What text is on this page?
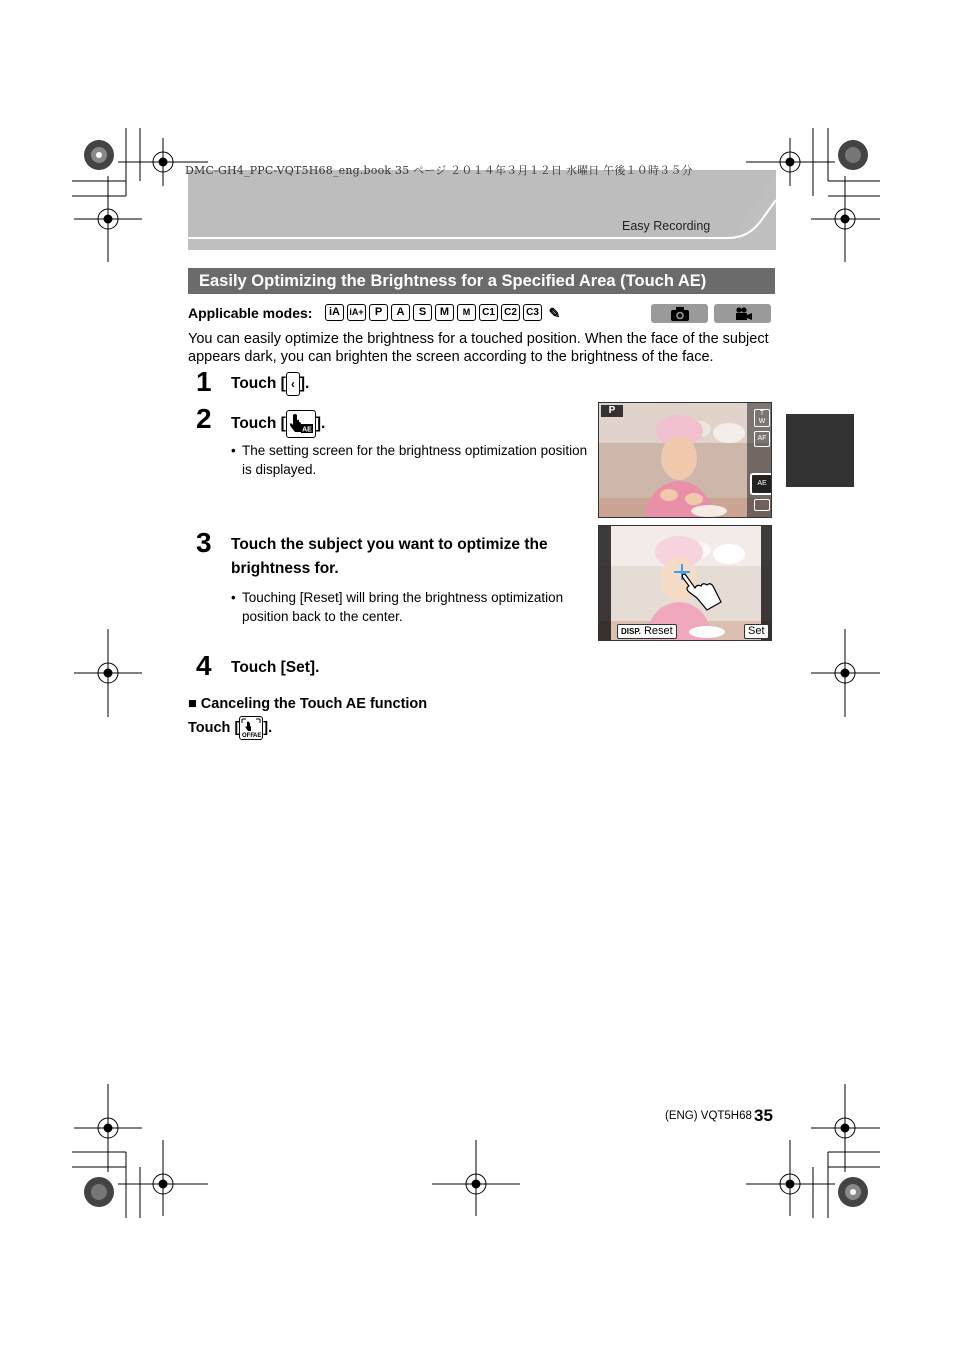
DMC-GH4_PPC-VQT5H68_eng.book 35 ページ ２０１４年３月１２日 水曜日 午後１０時３５分
Easy Recording
Easily Optimizing the Brightness for a Specified Area (Touch AE)
Applicable modes:	iA	iA+	P	A	S	M	M	C1 C2 C3 ✎
You can easily optimize the brightness for a touched position. When the face of the subject appears dark, you can brighten the screen according to the brightness of the face.
1 Touch [ ‹ ].
2 Touch [ AE ].
• The setting screen for the brightness optimization position is displayed.
P	T
W
AF
AE
3 Touch the subject you want to optimize the brightness for.
• Touching [Reset] will bring the brightness optimization position back to the center.
DISP. Reset	Set
4 Touch [Set].
■ Canceling the Touch AE function
Touch [
OFF AE
].
(ENG) VQT5H68 35
